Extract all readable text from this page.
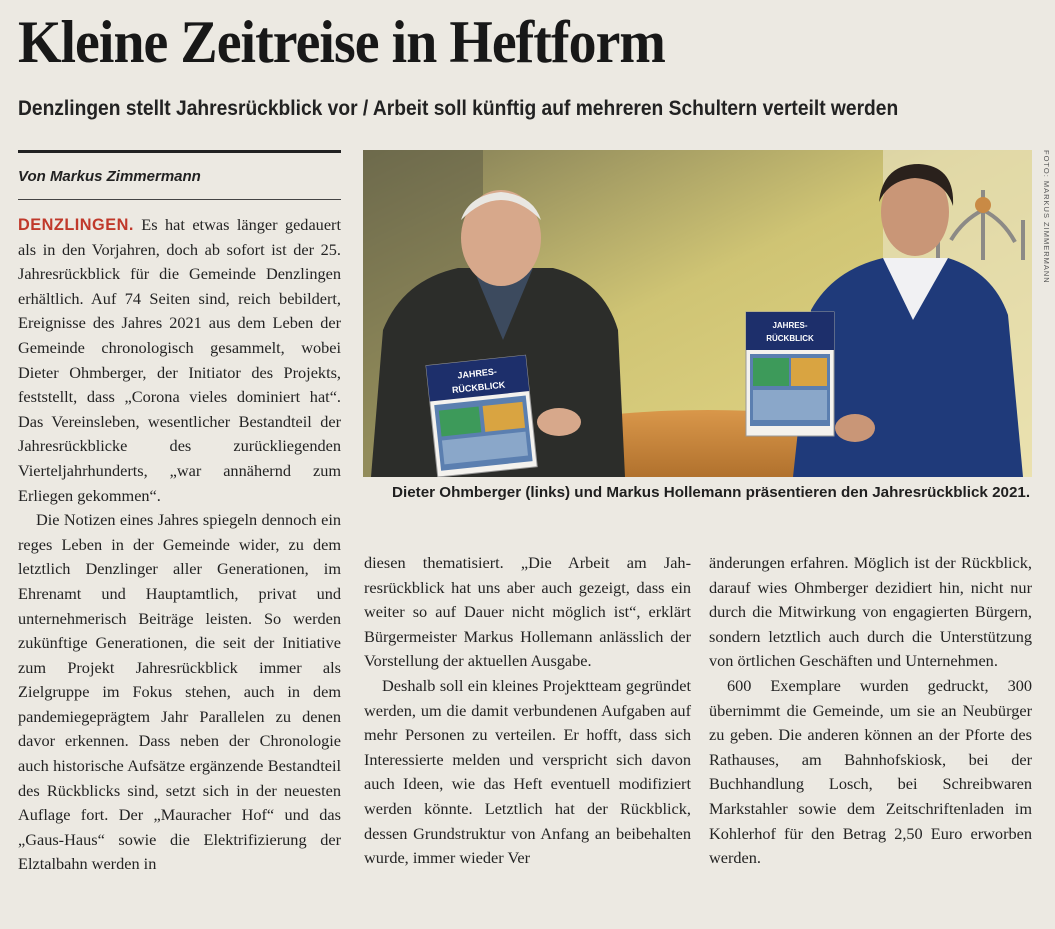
Kleine Zeitreise in Heftform
Denzlingen stellt Jahresrückblick vor / Arbeit soll künftig auf mehreren Schultern verteilt werden

Von Markus Zimmermann

DENZLINGEN. Es hat etwas länger gedauert als in den Vorjahren, doch ab sofort ist der 25. Jahresrückblick für die Gemeinde Denzlingen erhältlich. Auf 74 Seiten sind, reich bebildert, Ereignisse des Jahres 2021 aus dem Leben der Gemeinde chronologisch gesammelt, wobei Dieter Ohmberger, der Initiator des Projekts, feststellt, dass „Corona vieles dominiert hat“. Das Vereinsleben, wesentlicher Bestandteil der Jahresrückblicke des zurückliegenden Vierteljahrhunderts, „war annähernd zum Erliegen gekommen“.

Die Notizen eines Jahres spiegeln dennoch ein reges Leben in der Gemeinde wider, zu dem letztlich Denzlinger aller Generationen, im Ehrenamt und Hauptamtlich, privat und unternehmerisch Beiträge leisten. So werden zukünftige Generationen, die seit der Initiative zum Projekt Jahresrückblick immer als Zielgruppe im Fokus stehen, auch in dem pandemiegeprägtem Jahr Parallelen zu denen davor erkennen. Dass neben der Chronologie auch historische Aufsätze ergänzende Bestandteil des Rückblicks sind, setzt sich in der neuesten Auflage fort. Der „Mauracher Hof“ und das „Gaus-Haus“ sowie die Elektrifizierung der Elztalbahn werden in

JAHRES-
RÜCKBLICK
JAHRES-
RÜCKBLICK
FOTO: MARKUS ZIMMERMANN

Dieter Ohmberger (links) und Markus Hollemann präsentieren den Jahresrückblick 2021.

diesen thematisiert. „Die Arbeit am Jahresrückblick hat uns aber auch gezeigt, dass ein weiter so auf Dauer nicht möglich ist“, erklärt Bürgermeister Markus Hollemann anlässlich der Vorstellung der aktuellen Ausgabe.

Deshalb soll ein kleines Projektteam gegründet werden, um die damit verbundenen Aufgaben auf mehr Personen zu verteilen. Er hofft, dass sich Interessierte melden und verspricht sich davon auch Ideen, wie das Heft eventuell modifiziert werden könnte. Letztlich hat der Rückblick, dessen Grundstruktur von Anfang an beibehalten wurde, immer wieder Ver

änderungen erfahren. Möglich ist der Rückblick, darauf wies Ohmberger dezidiert hin, nicht nur durch die Mitwirkung von engagierten Bürgern, sondern letztlich auch durch die Unterstützung von örtlichen Geschäften und Unternehmen.

600 Exemplare wurden gedruckt, 300 übernimmt die Gemeinde, um sie an Neubürger zu geben. Die anderen können an der Pforte des Rathauses, am Bahnhofskiosk, bei der Buchhandlung Losch, bei Schreibwaren Markstahler sowie dem Zeitschriftenladen im Kohlerhof für den Betrag 2,50 Euro erworben werden.
